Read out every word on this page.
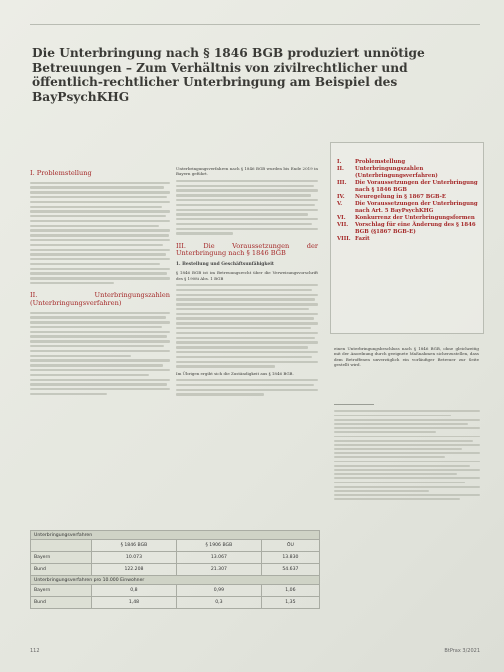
Die Unterbringung nach § 1846 BGB produziert unnötige Betreuungen – Zum Verhältnis von zivilrechtlicher und öffentlich-rechtlicher Unterbringung am Beispiel des BayPsychKHG
I. Problemstellung
II. Unterbringungszahlen (Unterbringungsverfahren)

Unterbringungsverfahren nach § 1846 BGB wurden bis Ende 2019 in Bayern geführt.

III. Die Voraussetzungen der Unterbringung nach § 1846 BGB
1. Bestellung und Geschäftsunfähigkeit

§ 1846 BGB ist im Betreuungsrecht über die Verweisungsvorschrift des § 1908i Abs. 1 BGB

Im Übrigen ergibt sich die Zuständigkeit aus § 1846 BGB.

I.	Problemstellung
II.	Unterbringungszahlen (Unterbringungsverfahren)
III.	Die Voraussetzungen der Unterbringung nach § 1846 BGB
IV.	Neuregelung in § 1867 BGB-E
V.	Die Voraussetzungen der Unterbringung nach Art. 5 BayPsychKHG
VI.	Konkurrenz der Unterbringungsformen
VII.	Vorschlag für eine Änderung des § 1846 BGB (§1867 BGB-E)
VIII. Fazit

einen Unterbringungsbeschluss nach § 1846 BGB, ohne gleichzeitig mit der Anordnung durch geeignete Maßnahmen sicherzustellen, dass dem Betroffenen unverzüglich ein vorläufiger Betreuer zur Seite gestellt wird.

Unterbringungsverfahren			
	§ 1846 BGB	§ 1906 BGB	ÖU
Bayern	10.073	13.067	13.830
Bund	122.208	21.307	54.637
Unterbringungsverfahren pro 10.000 Einwohner			
Bayern	0,8	0,99	1,06
Bund	1,48	0,3	1,35
112	BtPrax 3/2021
